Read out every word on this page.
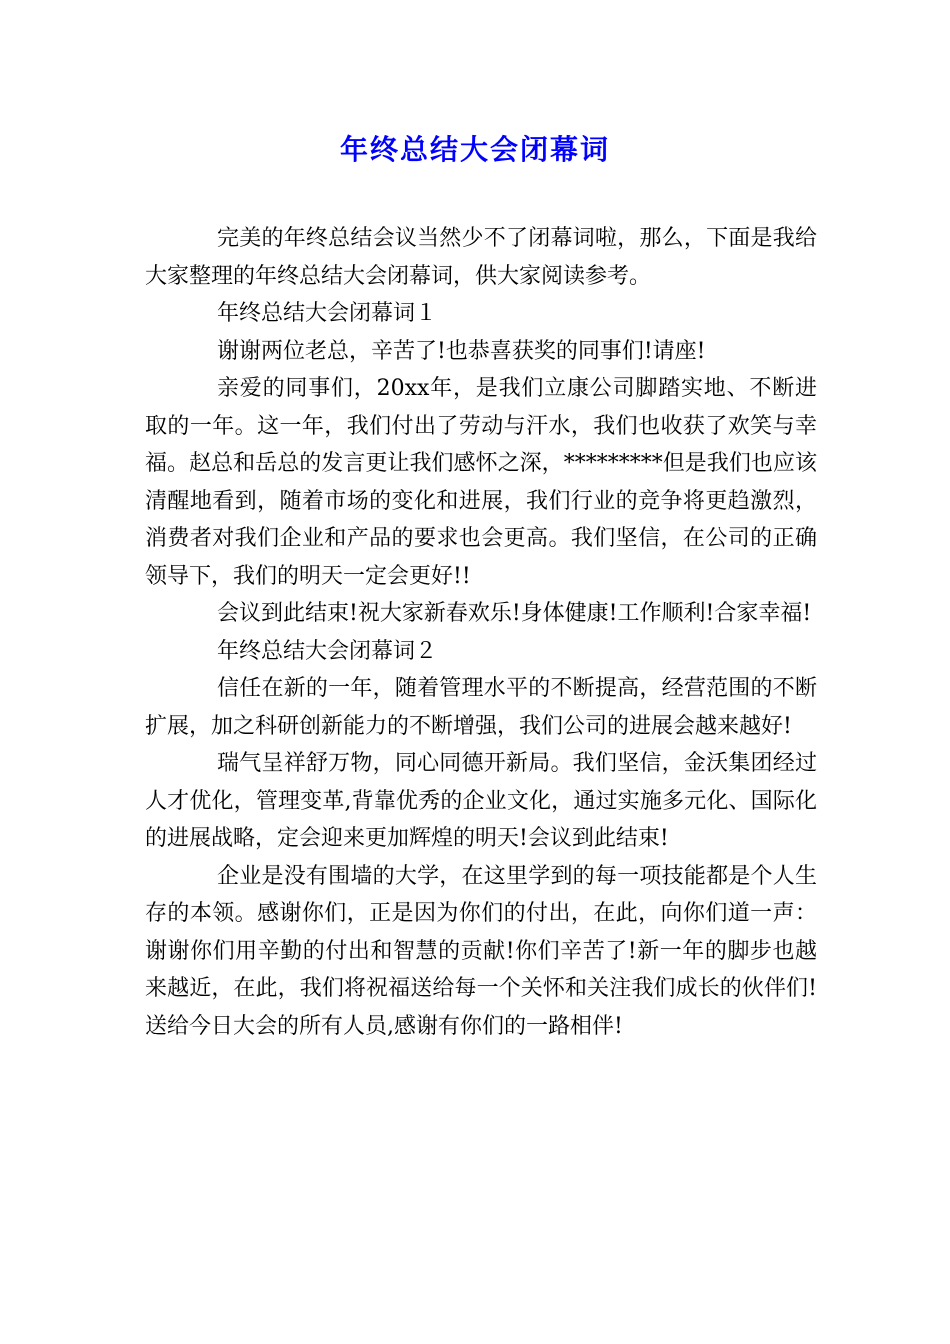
年终总结大会闭幕词

完美的年终总结会议当然少不了闭幕词啦，那么，下面是我给大家整理的年终总结大会闭幕词，供大家阅读参考。

年终总结大会闭幕词１

谢谢两位老总，辛苦了!也恭喜获奖的同事们!请座!

亲爱的同事们，20xx年，是我们立康公司脚踏实地、不断进取的一年。这一年，我们付出了劳动与汗水，我们也收获了欢笑与幸福。赵总和岳总的发言更让我们感怀之深，*********但是我们也应该清醒地看到，随着市场的变化和进展，我们行业的竞争将更趋激烈，消费者对我们企业和产品的要求也会更高。我们坚信，在公司的正确领导下，我们的明天一定会更好!!

会议到此结束!祝大家新春欢乐!身体健康!工作顺利!合家幸福!

年终总结大会闭幕词２

信任在新的一年，随着管理水平的不断提高，经营范围的不断扩展，加之科研创新能力的不断增强，我们公司的进展会越来越好!

瑞气呈祥舒万物，同心同德开新局。我们坚信，金沃集团经过人才优化，管理变革,背靠优秀的企业文化，通过实施多元化、国际化的进展战略，定会迎来更加辉煌的明天!会议到此结束!

企业是没有围墙的大学，在这里学到的每一项技能都是个人生存的本领。感谢你们，正是因为你们的付出，在此，向你们道一声：谢谢你们用辛勤的付出和智慧的贡献!你们辛苦了!新一年的脚步也越来越近，在此，我们将祝福送给每一个关怀和关注我们成长的伙伴们!送给今日大会的所有人员,感谢有你们的一路相伴!
